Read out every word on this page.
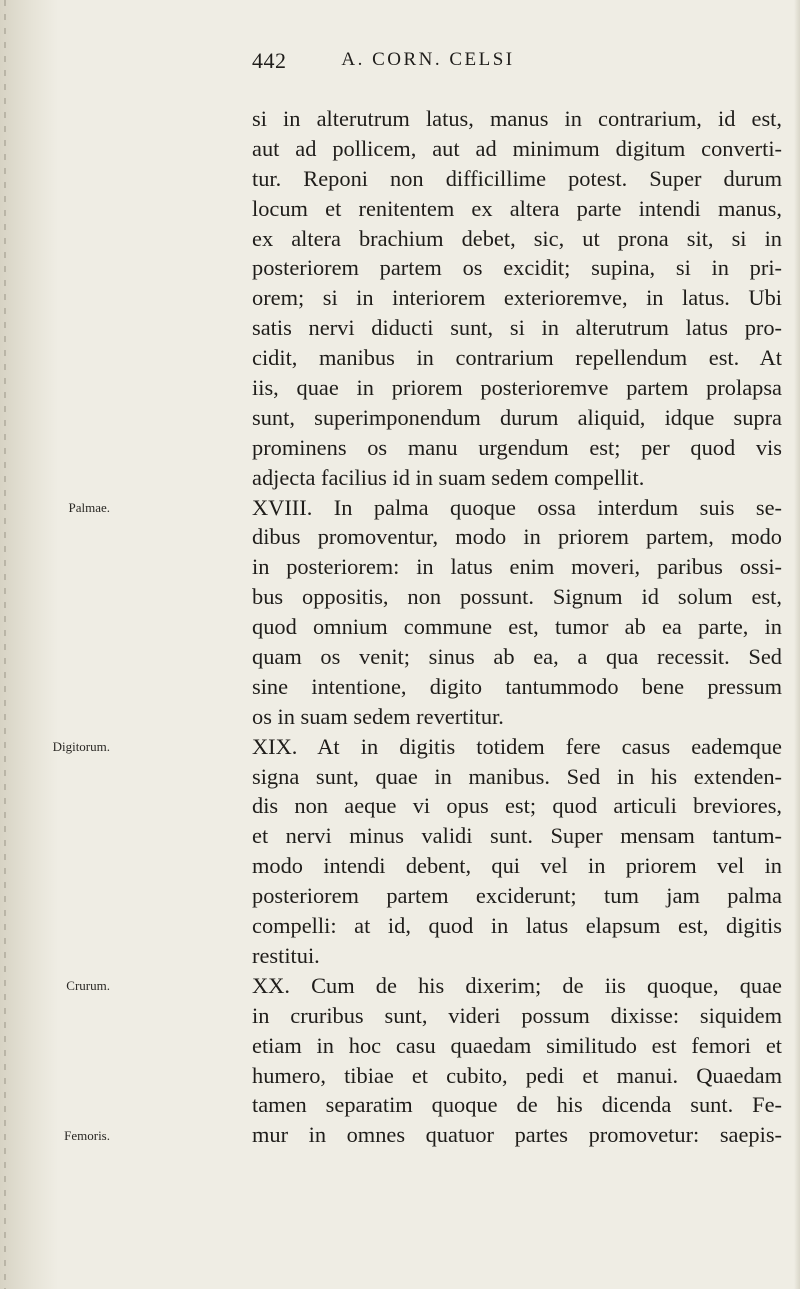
442	A. CORN. CELSI
Palmae.
Digitorum.
Crurum.
Femoris.
si in alterutrum latus, manus in contrarium, id est,
aut ad pollicem, aut ad minimum digitum converti-
tur. Reponi non difficillime potest. Super durum
locum et renitentem ex altera parte intendi manus,
ex altera brachium debet, sic, ut prona sit, si in
posteriorem partem os excidit; supina, si in pri-
orem; si in interiorem exterioremve, in latus. Ubi
satis nervi diducti sunt, si in alterutrum latus pro-
cidit, manibus in contrarium repellendum est. At
iis, quae in priorem posterioremve partem prolapsa
sunt, superimponendum durum aliquid, idque supra
prominens os manu urgendum est; per quod vis
adjecta facilius id in suam sedem compellit.
XVIII. In palma quoque ossa interdum suis se-
dibus promoventur, modo in priorem partem, modo
in posteriorem: in latus enim moveri, paribus ossi-
bus oppositis, non possunt. Signum id solum est,
quod omnium commune est, tumor ab ea parte, in
quam os venit; sinus ab ea, a qua recessit. Sed
sine intentione, digito tantummodo bene pressum
os in suam sedem revertitur.
XIX. At in digitis totidem fere casus eademque
signa sunt, quae in manibus. Sed in his extenden-
dis non aeque vi opus est; quod articuli breviores,
et nervi minus validi sunt. Super mensam tantum-
modo intendi debent, qui vel in priorem vel in
posteriorem partem exciderunt; tum jam palma
compelli: at id, quod in latus elapsum est, digitis
restitui.
XX. Cum de his dixerim; de iis quoque, quae
in cruribus sunt, videri possum dixisse: siquidem
etiam in hoc casu quaedam similitudo est femori et
humero, tibiae et cubito, pedi et manui. Quaedam
tamen separatim quoque de his dicenda sunt. Fe-
mur in omnes quatuor partes promovetur: saepis-
